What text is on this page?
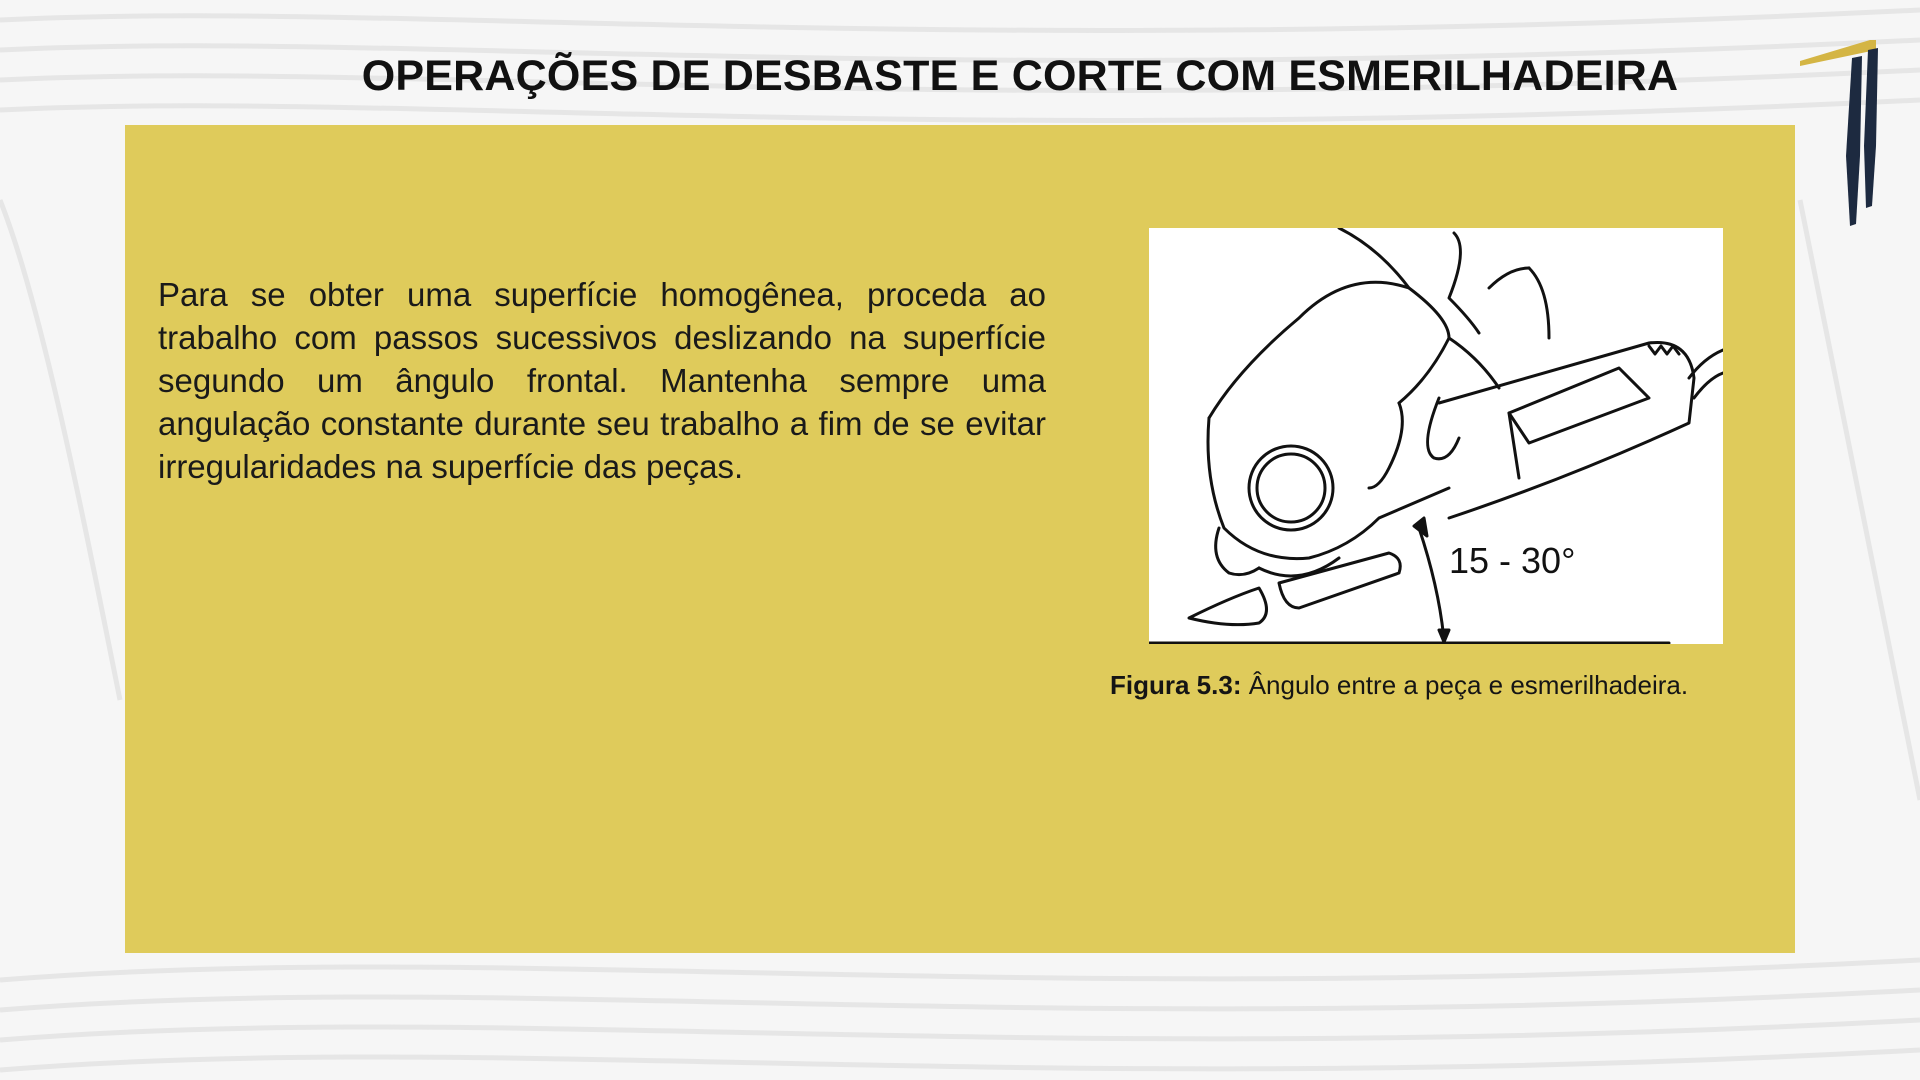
OPERAÇÕES DE DESBASTE E CORTE COM ESMERILHADEIRA
Para se obter uma superfície homogênea, proceda ao trabalho com passos sucessivos deslizando na superfície segundo um ângulo frontal. Mantenha sempre uma angulação constante durante seu trabalho a fim de se evitar irregularidades na superfície das peças.
15 - 30°
Figura 5.3: Ângulo entre a peça e esmerilhadeira.
